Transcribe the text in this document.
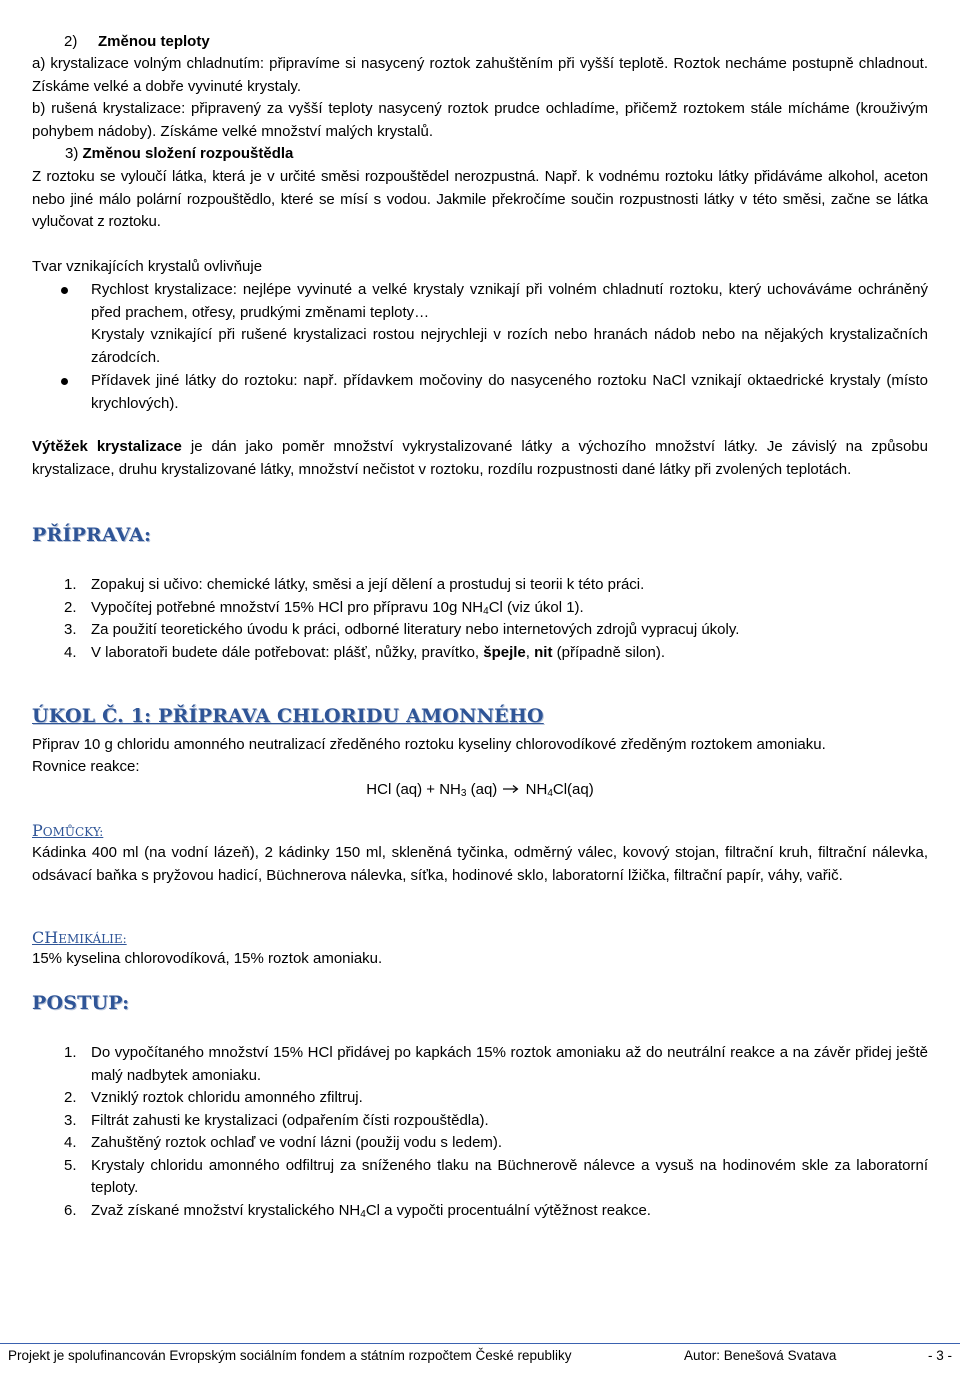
2) Změnou teploty

a) krystalizace volným chladnutím: připravíme si nasycený roztok zahuštěním při vyšší teplotě. Roztok necháme postupně chladnout. Získáme velké a dobře vyvinuté krystaly.

b) rušená krystalizace: připravený za vyšší teploty nasycený roztok prudce ochladíme, přičemž roztokem stále mícháme (krouživým pohybem nádoby). Získáme velké množství malých krystalů.

3) Změnou složení rozpouštědla

Z roztoku se vyloučí látka, která je v určité směsi rozpouštědel nerozpustná. Např. k vodnému roztoku látky přidáváme alkohol, aceton nebo jiné málo polární rozpouštědlo, které se mísí s vodou. Jakmile překročíme součin rozpustnosti látky v této směsi, začne se látka vylučovat z roztoku.

Tvar vznikajících krystalů ovlivňuje

Rychlost krystalizace: nejlépe vyvinuté a velké krystaly vznikají při volném chladnutí roztoku, který uchováváme ochráněný před prachem, otřesy, prudkými změnami teploty…
Krystaly vznikající při rušené krystalizaci rostou nejrychleji v rozích nebo hranách nádob nebo na nějakých krystalizačních zárodcích.
Přídavek jiné látky do roztoku: např. přídavkem močoviny do nasyceného roztoku NaCl vznikají oktaedrické krystaly (místo krychlových).

Výtěžek krystalizace je dán jako poměr množství vykrystalizované látky a výchozího množství látky. Je závislý na způsobu krystalizace, druhu krystalizované látky, množství nečistot v roztoku, rozdílu rozpustnosti dané látky při zvolených teplotách.

PŘÍPRAVA:
1. Zopakuj si učivo: chemické látky, směsi a její dělení a prostuduj si teorii k této práci.
2. Vypočítej potřebné množství 15% HCl pro přípravu 10g $NH_4Cl$ (viz úkol 1).
3. Za použití teoretického úvodu k práci, odborné literatury nebo internetových zdrojů vypracuj úkoly.
4. V laboratoři budete dále potřebovat: plášť, nůžky, pravítko, špejle, nit (případně silon).
ÚKOL Č. 1: PŘÍPRAVA CHLORIDU AMONNÉHO

Připrav 10 g chloridu amonného neutralizací zředěného roztoku kyseliny chlorovodíkové zředěným roztokem amoniaku.

Rovnice reakce:

HCl $(aq) + NH_3$ $(aq) \to NH_4Cl(aq)$
POMŮCKY:

Kádinka 400 ml (na vodní lázeň), 2 kádinky 150 ml, skleněná tyčinka, odměrný válec, kovový stojan, filtrační kruh, filtrační nálevka, odsávací baňka s pryžovou hadicí, Büchnerova nálevka, síťka, hodinové sklo, laboratorní lžička, filtrační papír, váhy, vařič.

CHEMIKÁLIE:

15% kyselina chlorovodíková, 15% roztok amoniaku.

POSTUP:
1. Do vypočítaného množství 15% HCl přidávej po kapkách 15% roztok amoniaku až do neutrální reakce a na závěr přidej ještě malý nadbytek amoniaku.
2. Vzniklý roztok chloridu amonného zfiltruj.
3. Filtrát zahusti ke krystalizaci (odpařením čísti rozpouštědla).
4. Zahuštěný roztok ochlaď ve vodní lázni (použij vodu s ledem).
5. Krystaly chloridu amonného odfiltruj za sníženého tlaku na Büchnerově nálevce a vysuš na hodinovém skle za laboratorní teploty.
6. Zvaž získané množství krystalického $NH_4Cl$ a vypočti procentuální výtěžnost reakce.
Projekt je spolufinancován Evropským sociálním fondem a státním rozpočtem České republiky	Autor: Benešová Svatava	- 3 -
